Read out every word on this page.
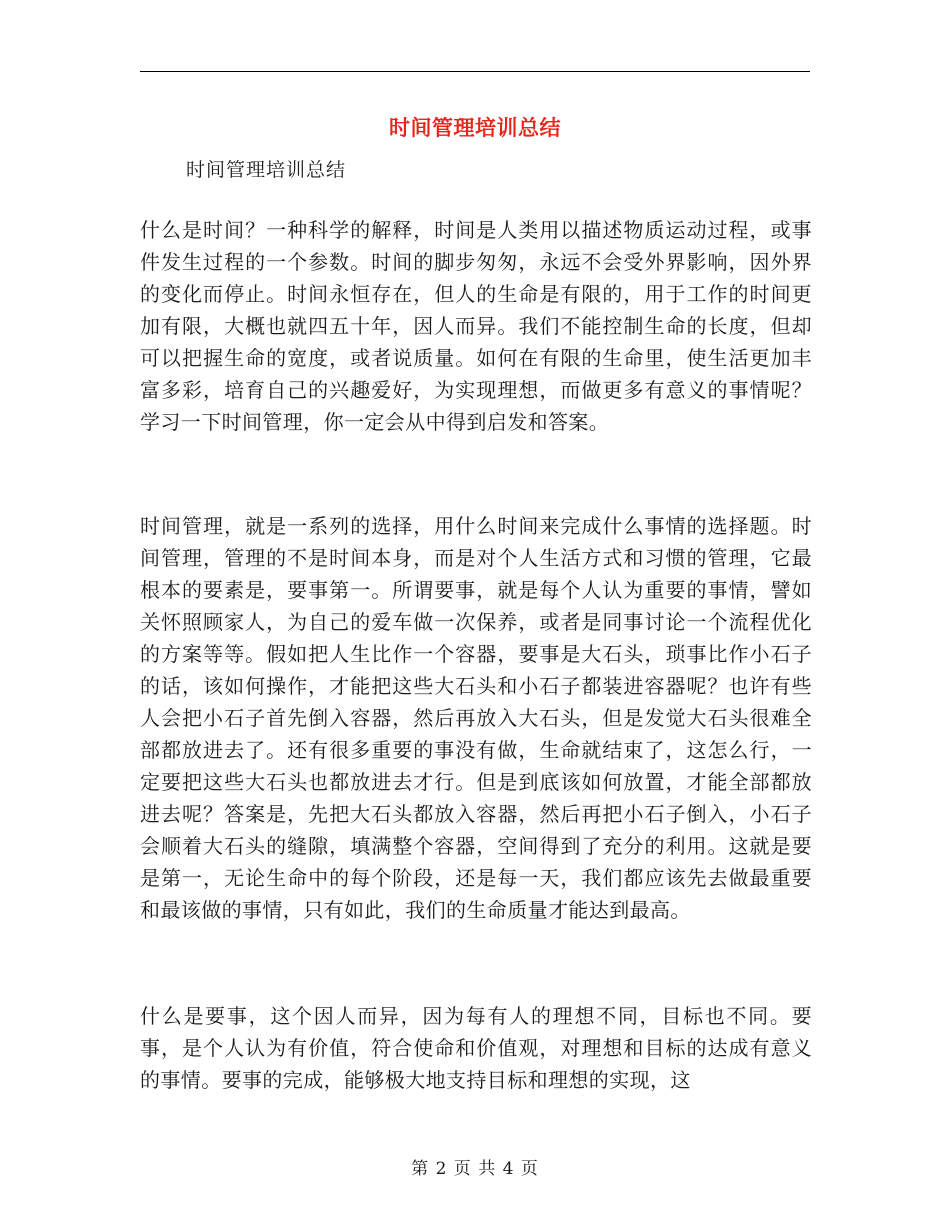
时间管理培训总结
时间管理培训总结

什么是时间？一种科学的解释，时间是人类用以描述物质运动过程，或事件发生过程的一个参数。时间的脚步匆匆，永远不会受外界影响，因外界的变化而停止。时间永恒存在，但人的生命是有限的，用于工作的时间更加有限，大概也就四五十年，因人而异。我们不能控制生命的长度，但却可以把握生命的宽度，或者说质量。如何在有限的生命里，使生活更加丰富多彩，培育自己的兴趣爱好，为实现理想，而做更多有意义的事情呢？学习一下时间管理，你一定会从中得到启发和答案。

时间管理，就是一系列的选择，用什么时间来完成什么事情的选择题。时间管理，管理的不是时间本身，而是对个人生活方式和习惯的管理，它最根本的要素是，要事第一。所谓要事，就是每个人认为重要的事情，譬如关怀照顾家人，为自己的爱车做一次保养，或者是同事讨论一个流程优化的方案等等。假如把人生比作一个容器，要事是大石头，琐事比作小石子的话，该如何操作，才能把这些大石头和小石子都装进容器呢？也许有些人会把小石子首先倒入容器，然后再放入大石头，但是发觉大石头很难全部都放进去了。还有很多重要的事没有做，生命就结束了，这怎么行，一定要把这些大石头也都放进去才行。但是到底该如何放置，才能全部都放进去呢？答案是，先把大石头都放入容器，然后再把小石子倒入，小石子会顺着大石头的缝隙，填满整个容器，空间得到了充分的利用。这就是要是第一，无论生命中的每个阶段，还是每一天，我们都应该先去做最重要和最该做的事情，只有如此，我们的生命质量才能达到最高。

什么是要事，这个因人而异，因为每有人的理想不同，目标也不同。要事，是个人认为有价值，符合使命和价值观，对理想和目标的达成有意义的事情。要事的完成，能够极大地支持目标和理想的实现，这

第 2 页 共 4 页
